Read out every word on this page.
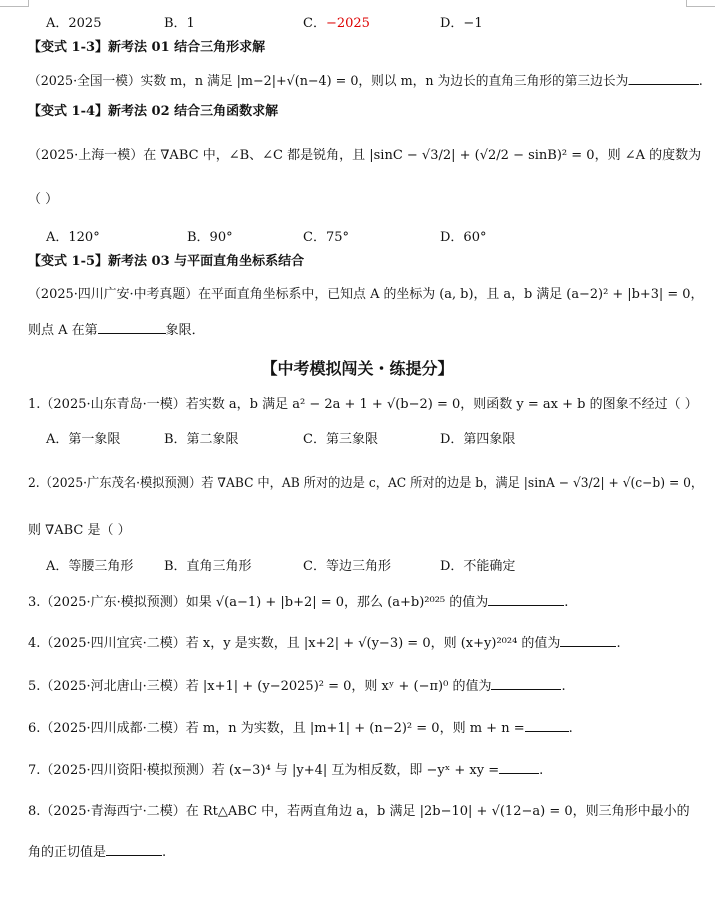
A．2025	B．1	C．−2025	D．−1
【变式 1-3】新考法 01 结合三角形求解
（2025·全国一模）实数 m，n 满足 |m−2|+√(n−4) = 0，则以 m，n 为边长的直角三角形的第三边长为	.
【变式 1-4】新考法 02 结合三角函数求解
（2025·上海一模）在 ∇ABC 中，∠B、∠C 都是锐角，且 |sinC − √3/2| + (√2/2 − sinB)² = 0，则 ∠A 的度数为
（ ）
A．120°	B．90°	C．75°	D．60°
【变式 1-5】新考法 03 与平面直角坐标系结合
（2025·四川广安·中考真题）在平面直角坐标系中，已知点 A 的坐标为 (a, b)，且 a，b 满足 (a−2)² + |b+3| = 0，
则点 A 在第	象限．
【中考模拟闯关・练提分】
1.（2025·山东青岛·一模）若实数 a，b 满足 a² − 2a + 1 + √(b−2) = 0，则函数 y = ax + b 的图象不经过（ ）
A．第一象限	B．第二象限	C．第三象限	D．第四象限
2.（2025·广东茂名·模拟预测）若 ∇ABC 中，AB 所对的边是 c，AC 所对的边是 b，满足 |sinA − √3/2| + √(c−b) = 0，
则 ∇ABC 是（ ）
A．等腰三角形 B．直角三角形	C．等边三角形	D．不能确定
3.（2025·广东·模拟预测）如果 √(a−1) + |b+2| = 0，那么 (a+b)²⁰²⁵ 的值为	.
4.（2025·四川宜宾·二模）若 x，y 是实数，且 |x+2| + √(y−3) = 0，则 (x+y)²⁰²⁴ 的值为	.
5.（2025·河北唐山·三模）若 |x+1| + (y−2025)² = 0，则 xʸ + (−π)⁰ 的值为	.
6.（2025·四川成都·二模）若 m，n 为实数，且 |m+1| + (n−2)² = 0，则 m + n =	.
7.（2025·四川资阳·模拟预测）若 (x−3)⁴ 与 |y+4| 互为相反数，即 −yˣ + xy =	.
8.（2025·青海西宁·二模）在 Rt△ABC 中，若两直角边 a，b 满足 |2b−10| + √(12−a) = 0，则三角形中最小的
角的正切值是	.
